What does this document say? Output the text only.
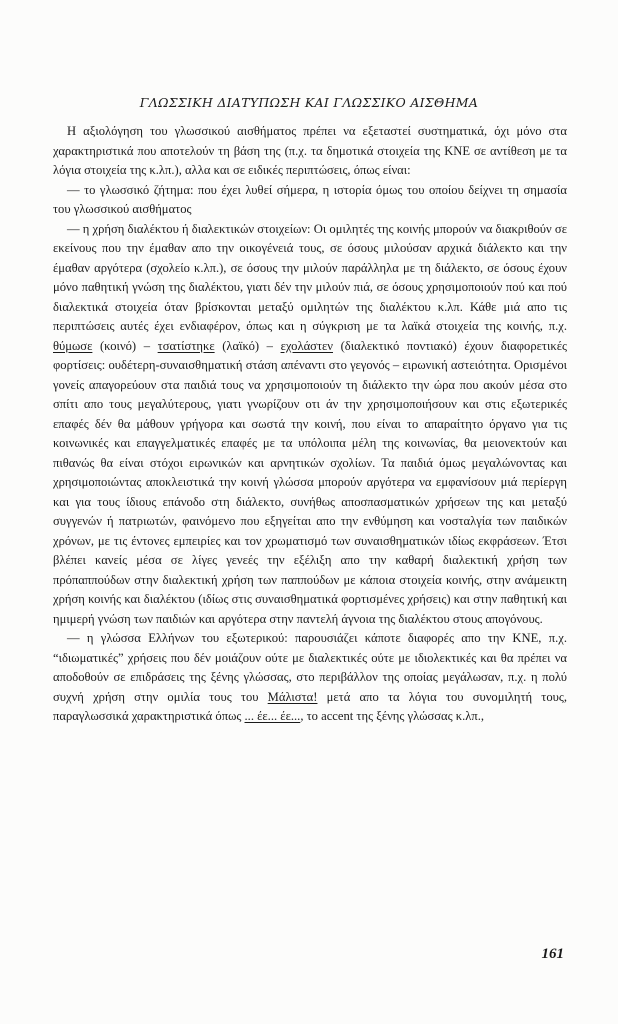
ΓΛΩΣΣΙΚΗ ΔΙΑΤΥΠΩΣΗ ΚΑΙ ΓΛΩΣΣΙΚΟ ΑΙΣΘΗΜΑ

Η αξιολόγηση του γλωσσικού αισθήματος πρέπει να εξεταστεί συστηματικά, όχι μόνο στα χαρακτηριστικά που αποτελούν τη βάση της (π.χ. τα δημοτικά στοιχεία της ΚΝΕ σε αντίθεση με τα λόγια στοιχεία της κ.λπ.), αλλα και σε ειδικές περιπτώσεις, όπως είναι:

— το γλωσσικό ζήτημα: που έχει λυθεί σήμερα, η ιστορία όμως του οποίου δείχνει τη σημασία του γλωσσικού αισθήματος

— η χρήση διαλέκτου ή διαλεκτικών στοιχείων: Οι ομιλητές της κοινής μπορούν να διακριθούν σε εκείνους που την έμαθαν απο την οικογένειά τους, σε όσους μιλούσαν αρχικά διάλεκτο και την έμαθαν αργότερα (σχολείο κ.λπ.), σε όσους την μιλούν παράλληλα με τη διάλεκτο, σε όσους έχουν μόνο παθητική γνώση της διαλέκτου, γιατι δέν την μιλούν πιά, σε όσους χρησιμοποιούν πού και πού διαλεκτικά στοιχεία όταν βρίσκονται μεταξύ ομιλητών της διαλέκτου κ.λπ. Κάθε μιά απο τις περιπτώσεις αυτές έχει ενδιαφέρον, όπως και η σύγκριση με τα λαϊκά στοιχεία της κοινής, π.χ. θύμωσε (κοινό) – τσατίστηκε (λαϊκό) – εχολάστεν (διαλεκτικό ποντιακό) έχουν διαφορετικές φορτίσεις: ουδέτερη-συναισθηματική στάση απέναντι στο γεγονός – ειρωνική αστειότητα. Ορισμένοι γονείς απαγορεύουν στα παιδιά τους να χρησιμοποιούν τη διάλεκτο την ώρα που ακούν μέσα στο σπίτι απο τους μεγαλύτερους, γιατι γνωρίζουν οτι άν την χρησιμοποιήσουν και στις εξωτερικές επαφές δέν θα μάθουν γρήγορα και σωστά την κοινή, που είναι το απαραίτητο όργανο για τις κοινωνικές και επαγγελματικές επαφές με τα υπόλοιπα μέλη της κοινωνίας, θα μειονεκτούν και πιθανώς θα είναι στόχοι ειρωνικών και αρνητικών σχολίων. Τα παιδιά όμως μεγαλώνοντας και χρησιμοποιώντας αποκλειστικά την κοινή γλώσσα μπορούν αργότερα να εμφανίσουν μιά περίεργη και για τους ίδιους επάνοδο στη διάλεκτο, συνήθως αποσπασματικών χρήσεων της και μεταξύ συγγενών ή πατριωτών, φαινόμενο που εξηγείται απο την ενθύμηση και νοσταλγία των παιδικών χρόνων, με τις έντονες εμπειρίες και τον χρωματισμό των συναισθηματικών ιδίως εκφράσεων. Έτσι βλέπει κανείς μέσα σε λίγες γενεές την εξέλιξη απο την καθαρή διαλεκτική χρήση των πρόπαππούδων στην διαλεκτική χρήση των παππούδων με κάποια στοιχεία κοινής, στην ανάμεικτη χρήση κοινής και διαλέκτου (ιδίως στις συναισθηματικά φορτισμένες χρήσεις) και στην παθητική και ημιμερή γνώση των παιδιών και αργότερα στην παντελή άγνοια της διαλέκτου στους απογόνους.

— η γλώσσα Ελλήνων του εξωτερικού: παρουσιάζει κάποτε διαφορές απο την ΚΝΕ, π.χ. “ιδιωματικές” χρήσεις που δέν μοιάζουν ούτε με διαλεκτικές ούτε με ιδιολεκτικές και θα πρέπει να αποδοθούν σε επιδράσεις της ξένης γλώσσας, στο περιβάλλον της οποίας μεγάλωσαν, π.χ. η πολύ συχνή χρήση στην ομιλία τους του Μάλιστα! μετά απο τα λόγια του συνομιλητή τους, παραγλωσσικά χαρακτηριστικά όπως ... έε... έε..., το accent της ξένης γλώσσας κ.λπ.,

161
